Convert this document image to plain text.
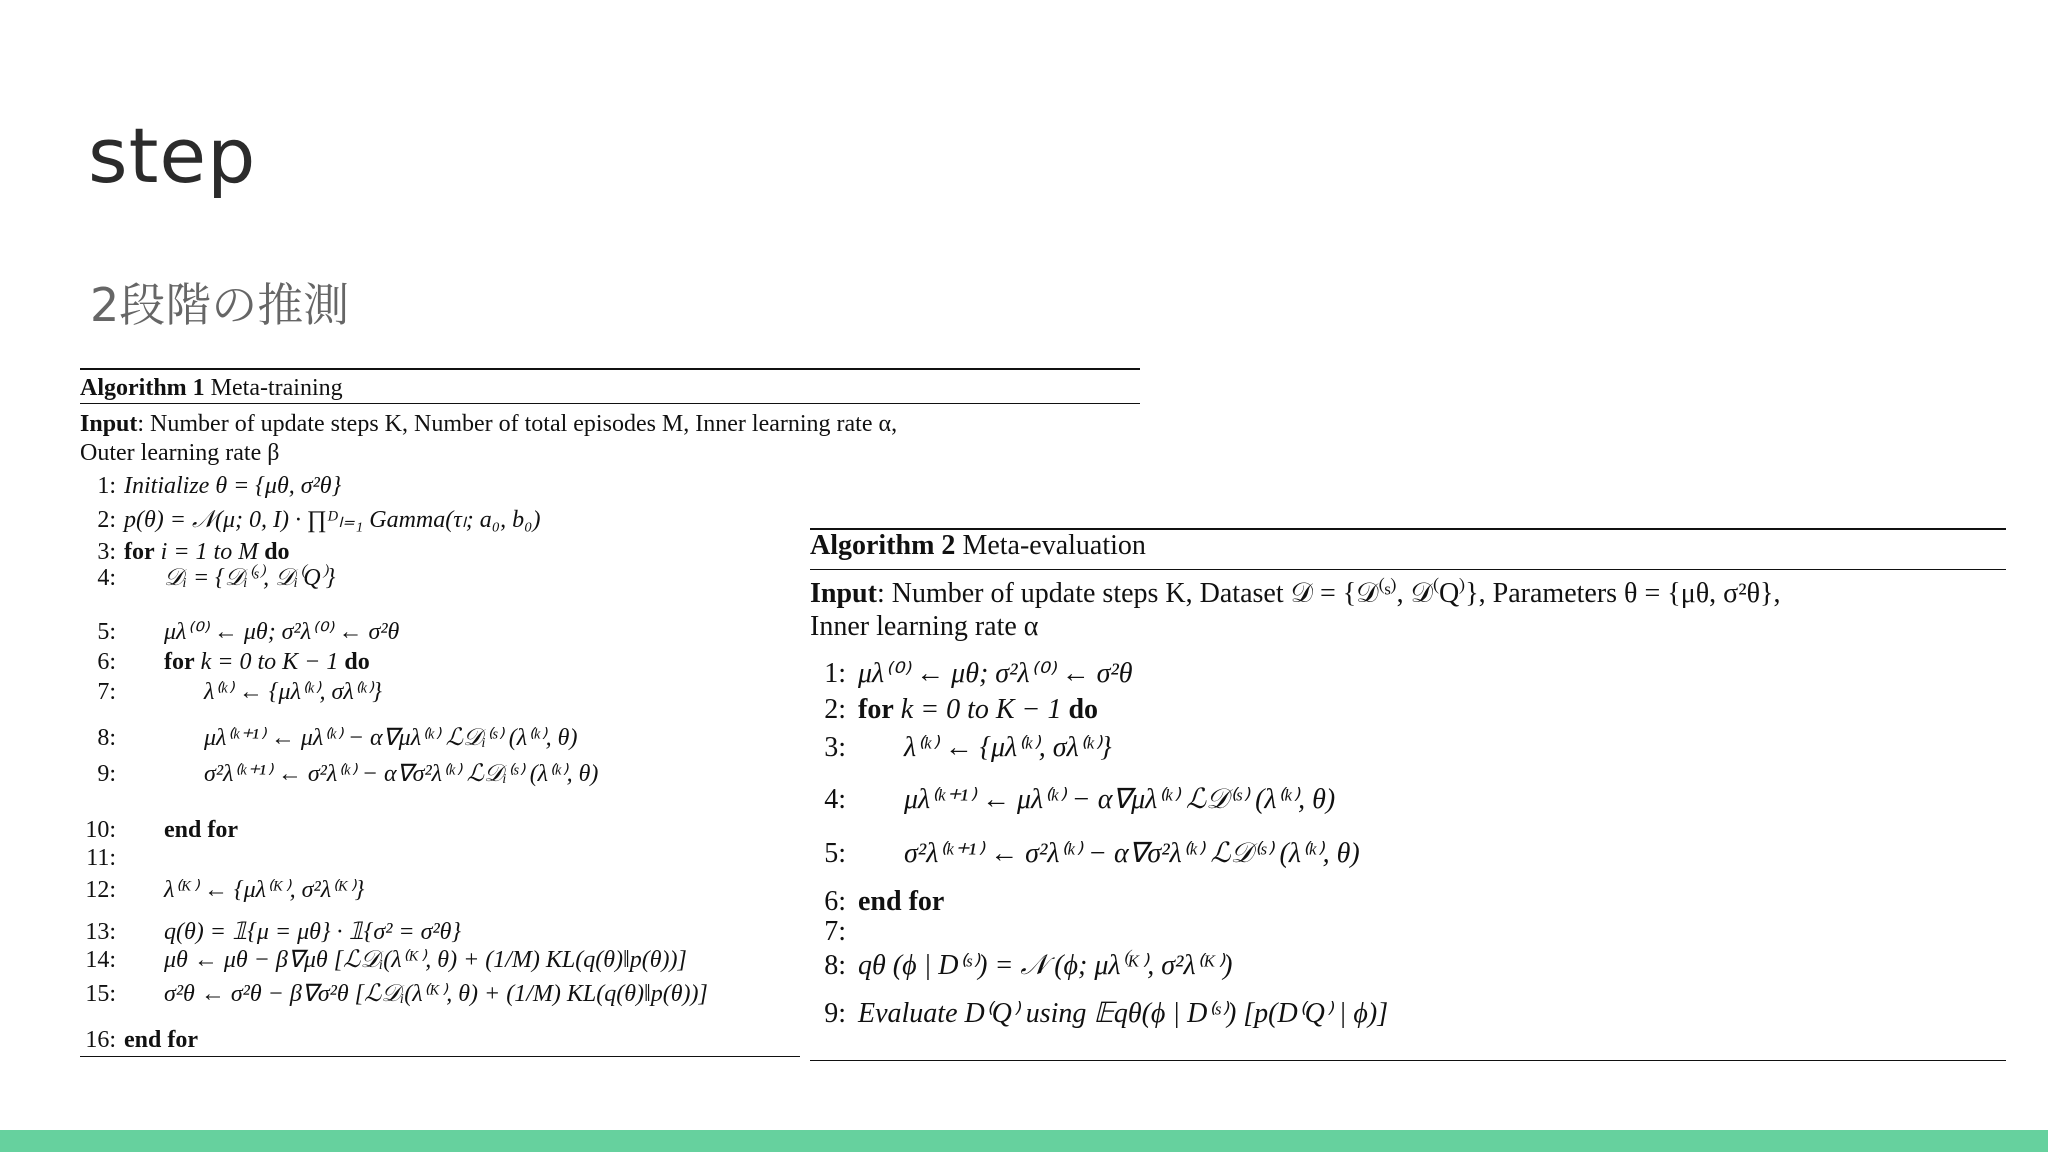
step
2段階の推測
Algorithm 1 Meta-training
Input: Number of update steps K, Number of total episodes M, Inner learning rate α,
Outer learning rate β
1: Initialize θ = {μθ, σ²θ}
2: p(θ) = 𝒩(μ; 0, I) · ∏ᴰₗ₌₁ Gamma(τₗ; a₀, b₀)
3: for i = 1 to M do
4: 𝒟ᵢ = {𝒟ᵢ⁽ˢ⁾, 𝒟ᵢ⁽Q⁾}
5: μλ⁽⁰⁾ ← μθ; σ²λ⁽⁰⁾ ← σ²θ
6: for k = 0 to K − 1 do
7:	λ⁽ᵏ⁾ ← {μλ⁽ᵏ⁾, σλ⁽ᵏ⁾}
8:	μλ⁽ᵏ⁺¹⁾ ← μλ⁽ᵏ⁾ − α∇μλ⁽ᵏ⁾ ℒ𝒟ᵢ⁽ˢ⁾ (λ⁽ᵏ⁾, θ)
9:	σ²λ⁽ᵏ⁺¹⁾ ← σ²λ⁽ᵏ⁾ − α∇σ²λ⁽ᵏ⁾ ℒ𝒟ᵢ⁽ˢ⁾ (λ⁽ᵏ⁾, θ)
10: end for
11:
12: λ⁽ᴷ⁾ ← {μλ⁽ᴷ⁾, σ²λ⁽ᴷ⁾}
13: q(θ) = 𝟙{μ = μθ} · 𝟙{σ² = σ²θ}
14: μθ ← μθ − β∇μθ [ℒ𝒟ᵢ(λ⁽ᴷ⁾, θ) + (1/M) KL(q(θ)‖p(θ))]
15: σ²θ ← σ²θ − β∇σ²θ [ℒ𝒟ᵢ(λ⁽ᴷ⁾, θ) + (1/M) KL(q(θ)‖p(θ))]
16: end for
Algorithm 2 Meta-evaluation
Input: Number of update steps K, Dataset 𝒟 = {𝒟⁽ˢ⁾, 𝒟⁽Q⁾}, Parameters θ = {μθ, σ²θ},
Inner learning rate α
1: μλ⁽⁰⁾ ← μθ; σ²λ⁽⁰⁾ ← σ²θ
2: for k = 0 to K − 1 do
3: λ⁽ᵏ⁾ ← {μλ⁽ᵏ⁾, σλ⁽ᵏ⁾}
4: μλ⁽ᵏ⁺¹⁾ ← μλ⁽ᵏ⁾ − α∇μλ⁽ᵏ⁾ ℒ𝒟⁽ˢ⁾ (λ⁽ᵏ⁾, θ)
5: σ²λ⁽ᵏ⁺¹⁾ ← σ²λ⁽ᵏ⁾ − α∇σ²λ⁽ᵏ⁾ ℒ𝒟⁽ˢ⁾ (λ⁽ᵏ⁾, θ)
6: end for
7:
8: qθ (ϕ | D⁽ˢ⁾) = 𝒩 (ϕ; μλ⁽ᴷ⁾, σ²λ⁽ᴷ⁾)
9: Evaluate D⁽Q⁾ using 𝔼qθ(ϕ | D⁽ˢ⁾) [p(D⁽Q⁾ | ϕ)]
